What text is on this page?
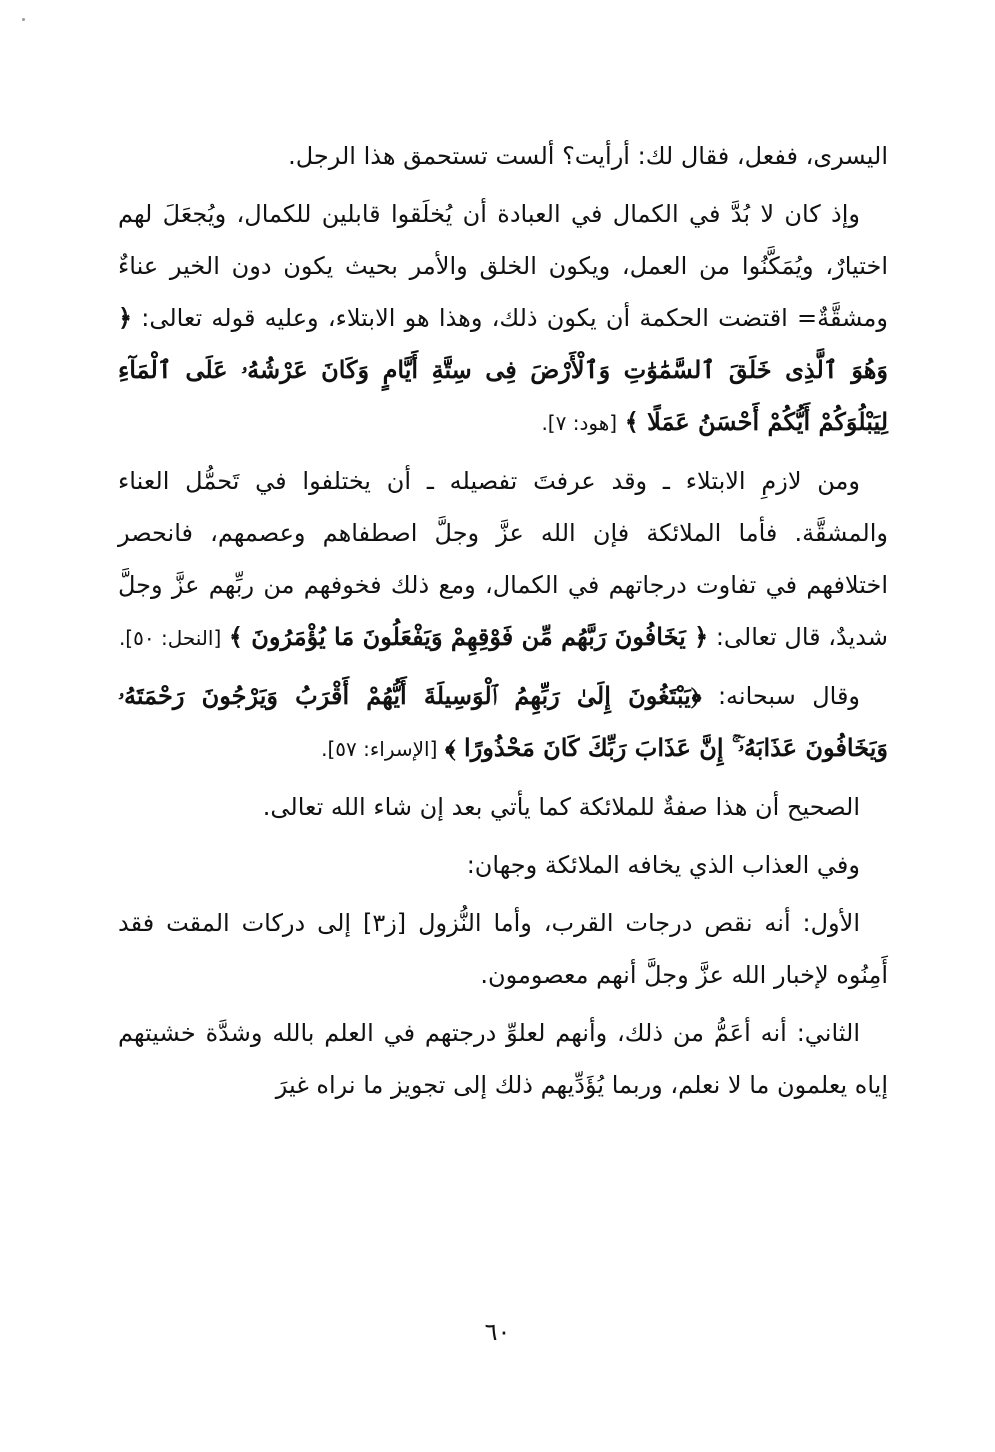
اليسرى، ففعل، فقال لك: أرأيت؟ ألست تستحمق هذا الرجل.

وإذ كان لا بُدَّ في الكمال في العبادة أن يُخلَقوا قابلين للكمال، ويُجعَلَ لهم اختيارٌ، ويُمَكَّنُوا من العمل، ويكون الخلق والأمر بحيث يكون دون الخير عناءٌ ومشقَّةٌ= اقتضت الحكمة أن يكون ذلك، وهذا هو الابتلاء، وعليه قوله تعالى: ﴿ وَهُوَ ٱلَّذِى خَلَقَ ٱلسَّمَٰوَٰتِ وَٱلْأَرْضَ فِى سِتَّةِ أَيَّامٍ وَكَانَ عَرْشُهُۥ عَلَى ٱلْمَآءِ لِيَبْلُوَكُمْ أَيُّكُمْ أَحْسَنُ عَمَلًا ﴾ [هود: ٧].

ومن لازمِ الابتلاء ـ وقد عرفتَ تفصيله ـ أن يختلفوا في تَحمُّل العناء والمشقَّة. فأما الملائكة فإن الله عزَّ وجلَّ اصطفاهم وعصمهم، فانحصر اختلافهم في تفاوت درجاتهم في الكمال، ومع ذلك فخوفهم من ربِّهم عزَّ وجلَّ شديدٌ، قال تعالى: ﴿ يَخَافُونَ رَبَّهُم مِّن فَوْقِهِمْ وَيَفْعَلُونَ مَا يُؤْمَرُونَ ﴾ [النحل: ٥٠].

وقال سبحانه: ﴿يَبْتَغُونَ إِلَىٰ رَبِّهِمُ ٱلْوَسِيلَةَ أَيُّهُمْ أَقْرَبُ وَيَرْجُونَ رَحْمَتَهُۥ وَيَخَافُونَ عَذَابَهُۥٓ ۚ إِنَّ عَذَابَ رَبِّكَ كَانَ مَحْذُورًا ﴾ [الإسراء: ٥٧].

الصحيح أن هذا صفةٌ للملائكة كما يأتي بعد إن شاء الله تعالى.

وفي العذاب الذي يخافه الملائكة وجهان:

الأول: أنه نقص درجات القرب، وأما النُّزول [ز٣] إلى دركات المقت فقد أَمِنُوه لإخبار الله عزَّ وجلَّ أنهم معصومون.

الثاني: أنه أعَمُّ من ذلك، وأنهم لعلوِّ درجتهم في العلم بالله وشدَّة خشيتهم إياه يعلمون ما لا نعلم، وربما يُؤَدِّيهم ذلك إلى تجويز ما نراه غيرَ

٦٠
